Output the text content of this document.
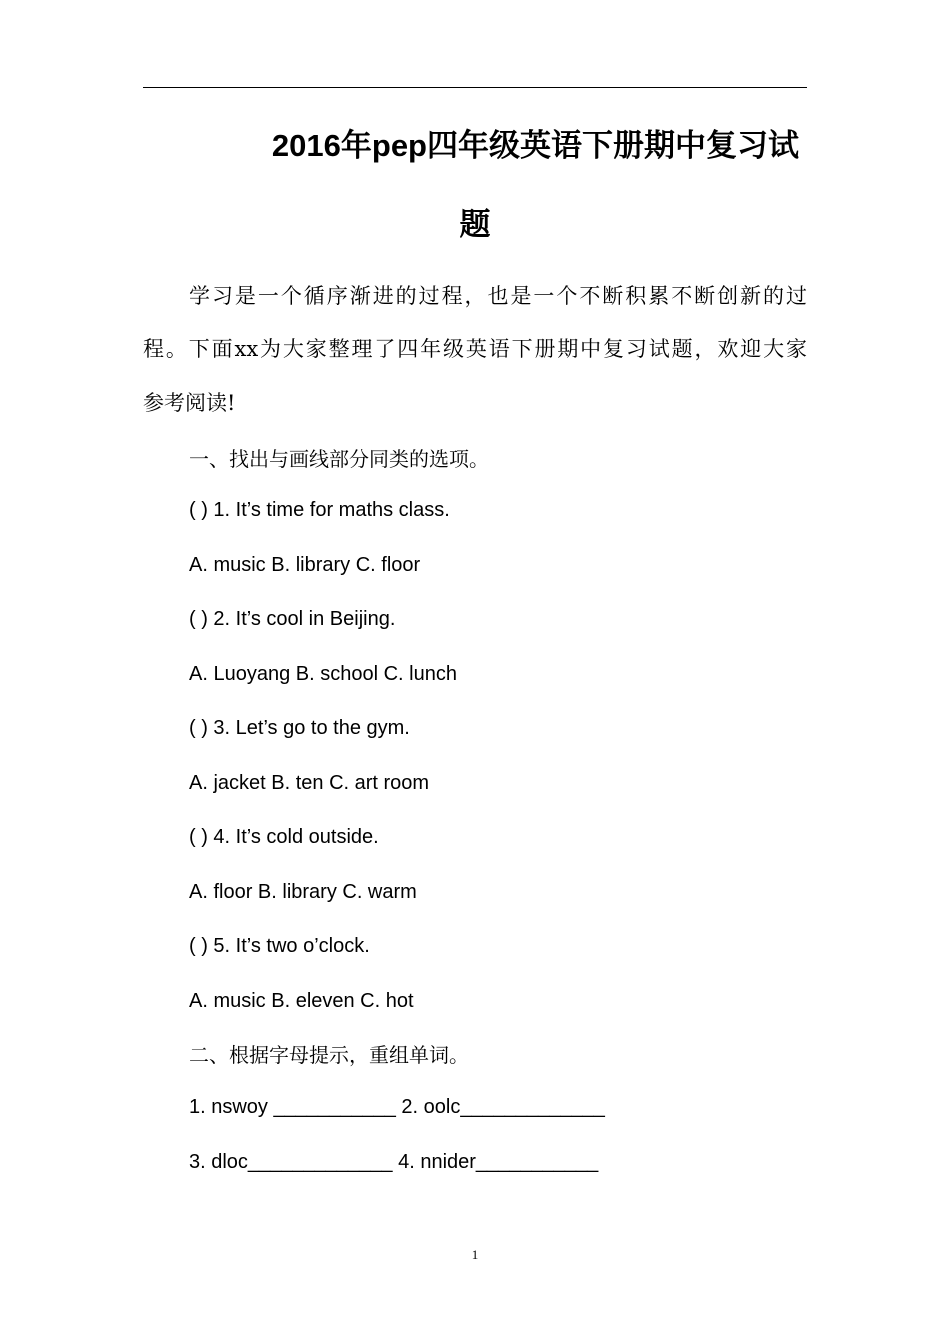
2016年pep四年级英语下册期中复习试
题
学习是一个循序渐进的过程，也是一个不断积累不断创新的过
程。下面xx为大家整理了四年级英语下册期中复习试题，欢迎大家
参考阅读!
一、找出与画线部分同类的选项。
( ) 1. It’s time for maths class.
A. music B. library C. floor
( ) 2. It’s cool in Beijing.
A. Luoyang B. school C. lunch
( ) 3. Let’s go to the gym.
A. jacket B. ten C. art room
( ) 4. It’s cold outside.
A. floor B. library C. warm
( ) 5. It’s two o’clock.
A. music B. eleven C. hot
二、根据字母提示，重组单词。
1. nswoy ___________ 2. oolc_____________
3. dloc_____________ 4. nnider___________
1
